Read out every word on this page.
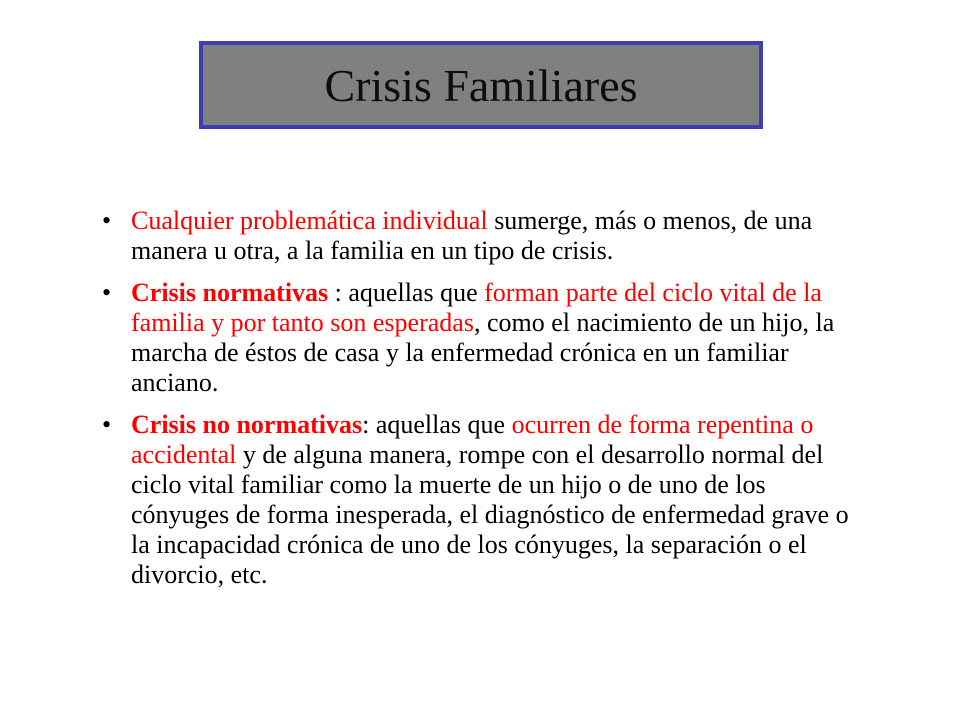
Crisis Familiares
• Cualquier problemática individual sumerge, más o menos, de una manera u otra, a la familia en un tipo de crisis.
• Crisis normativas : aquellas que forman parte del ciclo vital de la familia y por tanto son esperadas, como el nacimiento de un hijo, la marcha de éstos de casa y la enfermedad crónica en un familiar anciano.
• Crisis no normativas: aquellas que ocurren de forma repentina o accidental y de alguna manera, rompe con el desarrollo normal del ciclo vital familiar como la muerte de un hijo o de uno de los cónyuges de forma inesperada, el diagnóstico de enfermedad grave o la incapacidad crónica de uno de los cónyuges, la separación o el divorcio, etc.
